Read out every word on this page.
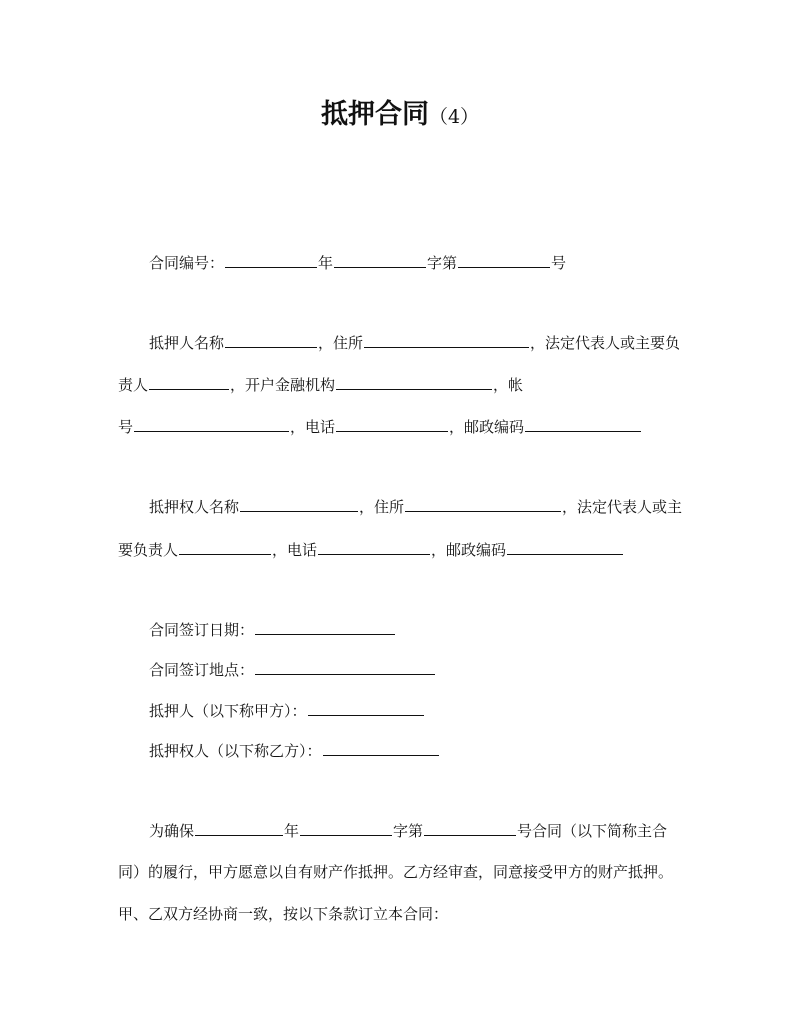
抵押合同（4）
合同编号：	年	字第	号
抵押人名称	，住所	，法定代表人或主要负
责人	，开户金融机构	，帐
号	，电话	，邮政编码
抵押权人名称	，住所	，法定代表人或主
要负责人	，电话	，邮政编码
合同签订日期：
合同签订地点：
抵押人（以下称甲方）：
抵押权人（以下称乙方）：
为确保	年	字第	号合同（以下简称主合
同）的履行，甲方愿意以自有财产作抵押。乙方经审查，同意接受甲方的财产抵押。
甲、乙双方经协商一致，按以下条款订立本合同：
